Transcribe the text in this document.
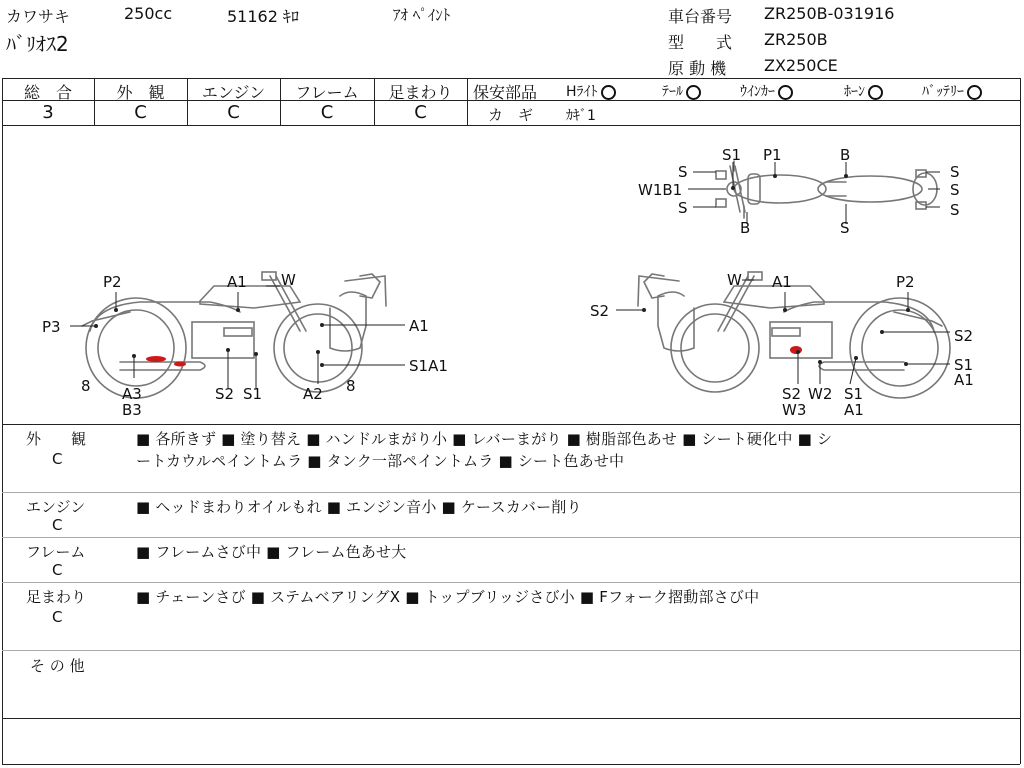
カワサキ	250cc	51162 ｷﾛ	ｱｵ ﾍﾟｲﾝﾄ
ﾊﾞﾘｵｽ2
車台番号 ZR250B-031916
型　　式 ZR250B
原 動 機 ZX250CE
総　合	外　観	エンジン	フレーム	足まわり
3	C	C	C	C
保安部品 Hﾗｲﾄ	ﾃｰﾙ	ｳｲﾝｶｰ	ﾎｰﾝ	ﾊﾞｯﾃﾘｰ
カ　ギ ｶｷﾞ1
S1 P1	B
S
W1B1
S
B	S
S
S
S
P2	A1 W
P3	A1
8 A3
B3
S2 S1	A2 8
S1A1
W A1	P2
S2
S2
S1
A1
S2 W2
W3
S1
A1
外　　観
C
■ 各所きず ■ 塗り替え ■ ハンドルまがり小 ■ レバーまがり ■ 樹脂部色あせ ■ シート硬化中 ■ シ
ートカウルペイントムラ ■ タンク一部ペイントムラ ■ シート色あせ中
エンジン
C
■ ヘッドまわりオイルもれ ■ エンジン音小 ■ ケースカバー削り
フレーム
C
■ フレームさび中 ■ フレーム色あせ大
足まわり
C
■ チェーンさび ■ ステムベアリングX ■ トップブリッジさび小 ■ Fフォーク摺動部さび中
そ の 他
